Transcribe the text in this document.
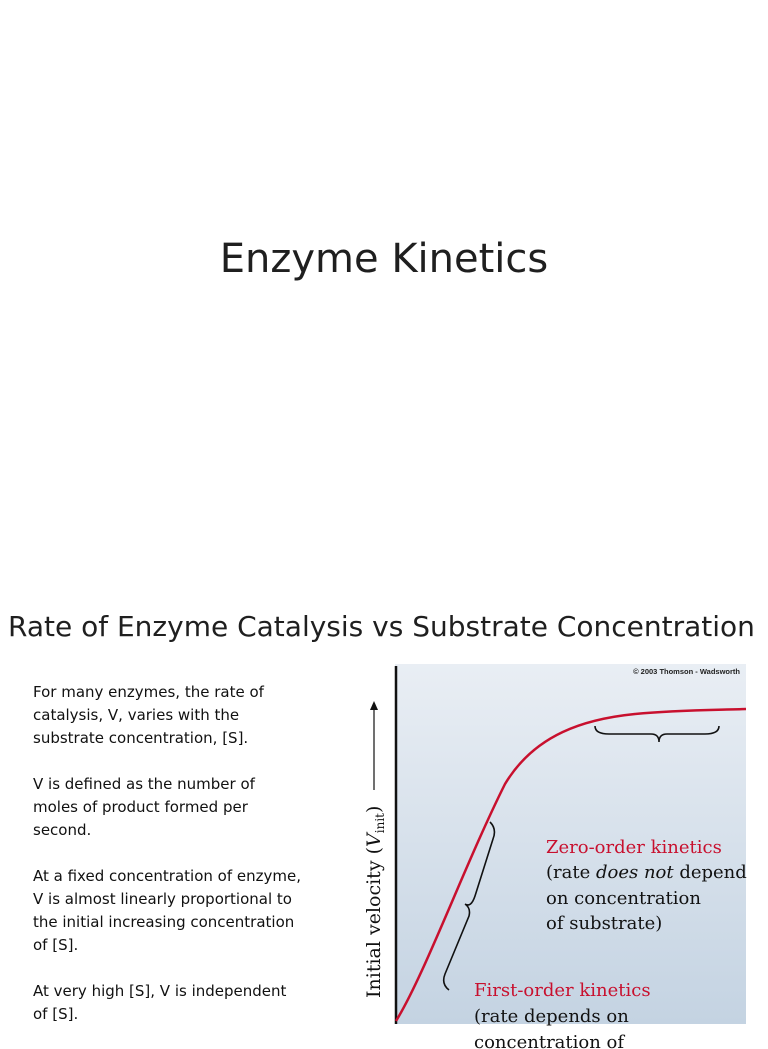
Enzyme Kinetics
Rate of Enzyme Catalysis vs Substrate Concentration

For many enzymes, the rate of catalysis, V, varies with the substrate concentration, [S].

V is defined as the number of moles of product formed per second.

At a fixed concentration of enzyme, V is almost linearly proportional to the initial increasing concentration of [S].

At very high [S], V is independent of [S].

© 2003 Thomson - Wadsworth
Initial velocity $(V_{init})$
Zero-order kinetics
(rate does not depend
on concentration
of substrate)
First-order kinetics
(rate depends on
concentration of
